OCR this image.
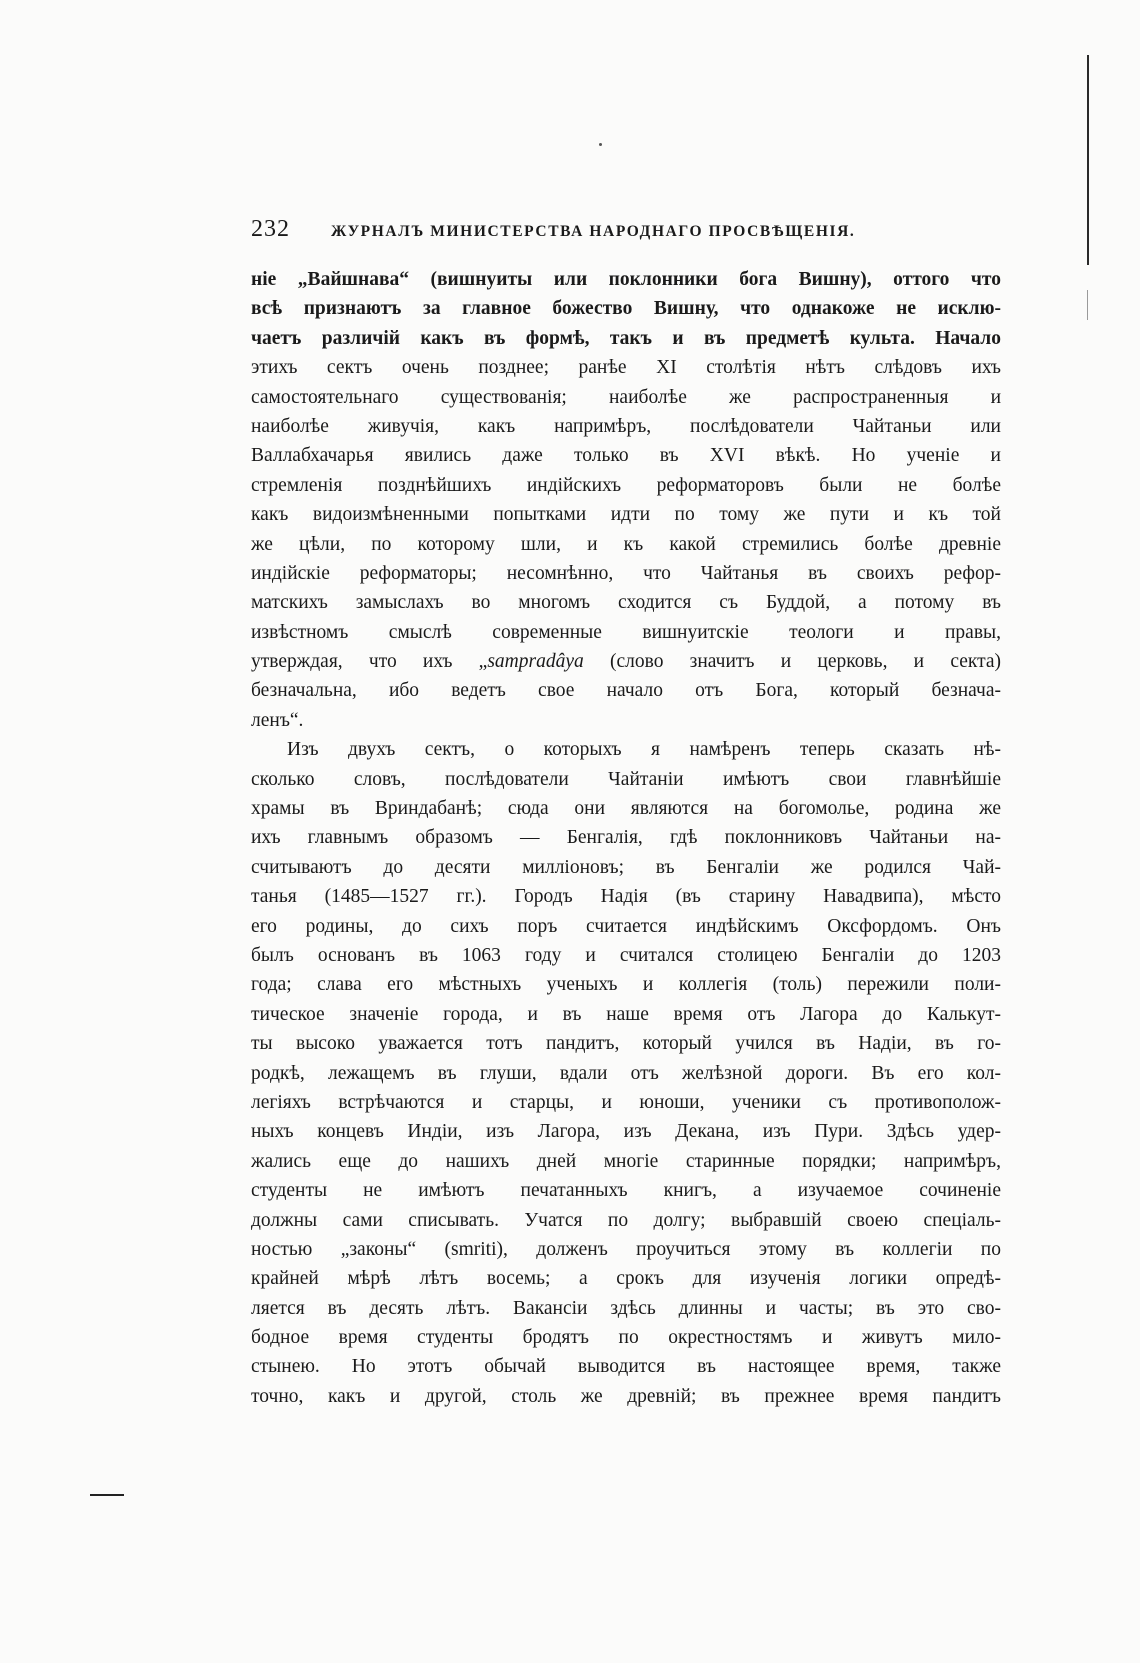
232	ЖУРНАЛЪ МИНИСТЕРСТВА НАРОДНАГО ПРОСВѢЩЕНІЯ.
ніе „Вайшнава“ (вишнуиты или поклонники бога Вишну), оттого что
всѣ признаютъ за главное божество Вишну, что однакоже не исклю-
чаетъ различій какъ въ формѣ, такъ и въ предметѣ культа. Начало
этихъ сектъ очень позднее; ранѣе XI столѣтія нѣтъ слѣдовъ ихъ
самостоятельнаго существованія; наиболѣе же распространенныя и
наиболѣе живучія, какъ напримѣръ, послѣдователи Чайтаньи или
Валлабхачарья явились даже только въ XVI вѣкѣ. Но ученіе и
стремленія позднѣйшихъ индійскихъ реформаторовъ были не болѣе
какъ видоизмѣненными попытками идти по тому же пути и къ той
же цѣли, по которому шли, и къ какой стремились болѣе древніе
индійскіе реформаторы; несомнѣнно, что Чайтанья въ своихъ рефор-
матскихъ замыслахъ во многомъ сходится съ Буддой, а потому въ
извѣстномъ смыслѣ современные вишнуитскіе теологи и правы,
утверждая, что ихъ „sampradâya (слово значитъ и церковь, и секта)
безначальна, ибо ведетъ свое начало отъ Бога, который безнача-
ленъ“.
Изъ двухъ сектъ, о которыхъ я намѣренъ теперь сказать нѣ-
сколько словъ, послѣдователи Чайтаніи имѣютъ свои главнѣйшіе
храмы въ Вриндабанѣ; сюда они являются на богомолье, родина же
ихъ главнымъ образомъ — Бенгалія, гдѣ поклонниковъ Чайтаньи на-
считываютъ до десяти милліоновъ; въ Бенгаліи же родился Чай-
танья (1485—1527 гг.). Городъ Надія (въ старину Навадвипа), мѣсто
его родины, до сихъ поръ считается индѣйскимъ Оксфордомъ. Онъ
былъ основанъ въ 1063 году и считался столицею Бенгаліи до 1203
года; слава его мѣстныхъ ученыхъ и коллегія (толь) пережили поли-
тическое значеніе города, и въ наше время отъ Лагора до Калькут-
ты высоко уважается тотъ пандитъ, который учился въ Надіи, въ го-
родкѣ, лежащемъ въ глуши, вдали отъ желѣзной дороги. Въ его кол-
легіяхъ встрѣчаются и старцы, и юноши, ученики съ противополож-
ныхъ концевъ Индіи, изъ Лагора, изъ Декана, изъ Пури. Здѣсь удер-
жались еще до нашихъ дней многіе старинные порядки; напримѣръ,
студенты не имѣютъ печатанныхъ книгъ, а изучаемое сочиненіе
должны сами списывать. Учатся по долгу; выбравшій своею спеціаль-
ностью „законы“ (smriti), долженъ проучиться этому въ коллегіи по
крайней мѣрѣ лѣтъ восемь; а срокъ для изученія логики опредѣ-
ляется въ десять лѣтъ. Вакансіи здѣсь длинны и часты; въ это сво-
бодное время студенты бродятъ по окрестностямъ и живутъ мило-
стынею. Но этотъ обычай выводится въ настоящее время, также
точно, какъ и другой, столь же древній; въ прежнее время пандитъ
